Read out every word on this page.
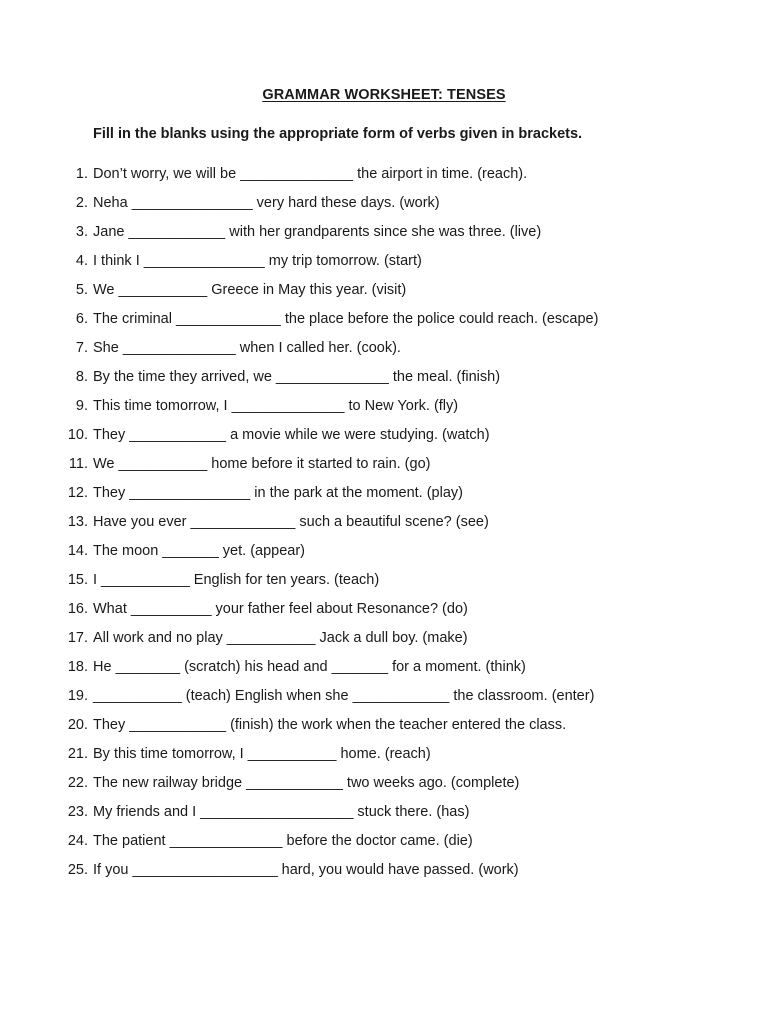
GRAMMAR WORKSHEET: TENSES
Fill in the blanks using the appropriate form of verbs given in brackets.
1. Don’t worry, we will be ______________ the airport in time. (reach).
2. Neha _______________ very hard these days. (work)
3. Jane ____________ with her grandparents since she was three. (live)
4. I think I _______________ my trip tomorrow. (start)
5. We ___________ Greece in May this year. (visit)
6. The criminal _____________ the place before the police could reach. (escape)
7. She ______________ when I called her. (cook).
8. By the time they arrived, we ______________ the meal. (finish)
9. This time tomorrow, I ______________ to New York. (fly)
10. They ____________ a movie while we were studying. (watch)
11. We ___________ home before it started to rain. (go)
12. They _______________ in the park at the moment. (play)
13. Have you ever _____________ such a beautiful scene? (see)
14. The moon _______ yet. (appear)
15. I ___________ English for ten years. (teach)
16. What __________ your father feel about Resonance? (do)
17. All work and no play ___________ Jack a dull boy. (make)
18. He ________ (scratch) his head and _______ for a moment. (think)
19. ___________ (teach) English when she ____________ the classroom. (enter)
20. They ____________ (finish) the work when the teacher entered the class.
21. By this time tomorrow, I ___________ home. (reach)
22. The new railway bridge ____________ two weeks ago. (complete)
23. My friends and I ___________________ stuck there. (has)
24. The patient ______________ before the doctor came. (die)
25. If you __________________ hard, you would have passed. (work)
